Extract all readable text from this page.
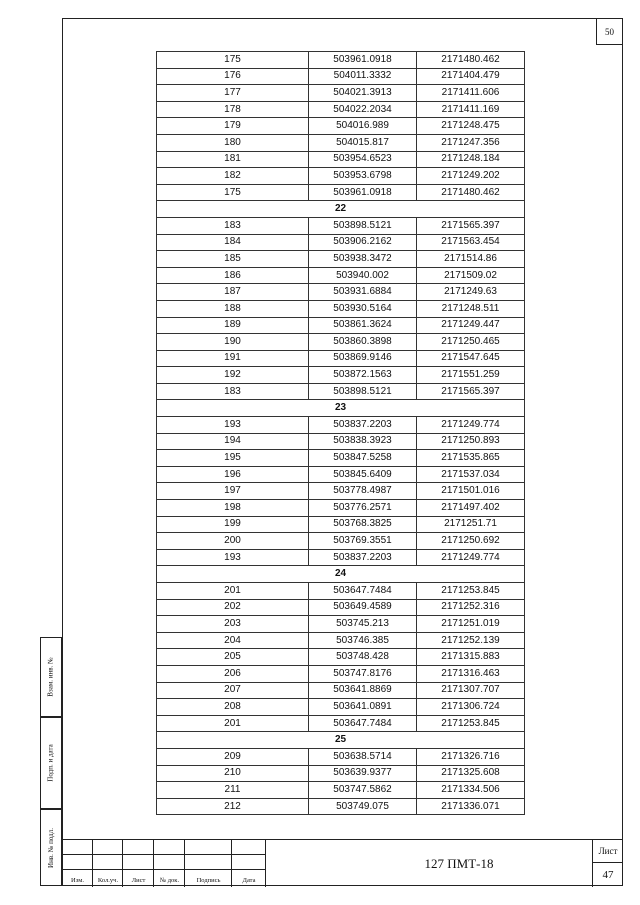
50
175	503961.0918	2171480.462
176	504011.3332	2171404.479
177	504021.3913	2171411.606
178	504022.2034	2171411.169
179	504016.989	2171248.475
180	504015.817	2171247.356
181	503954.6523	2171248.184
182	503953.6798	2171249.202
175	503961.0918	2171480.462
22		
183	503898.5121	2171565.397
184	503906.2162	2171563.454
185	503938.3472	2171514.86
186	503940.002	2171509.02
187	503931.6884	2171249.63
188	503930.5164	2171248.511
189	503861.3624	2171249.447
190	503860.3898	2171250.465
191	503869.9146	2171547.645
192	503872.1563	2171551.259
183	503898.5121	2171565.397
23		
193	503837.2203	2171249.774
194	503838.3923	2171250.893
195	503847.5258	2171535.865
196	503845.6409	2171537.034
197	503778.4987	2171501.016
198	503776.2571	2171497.402
199	503768.3825	2171251.71
200	503769.3551	2171250.692
193	503837.2203	2171249.774
24		
201	503647.7484	2171253.845
202	503649.4589	2171252.316
203	503745.213	2171251.019
204	503746.385	2171252.139
205	503748.428	2171315.883
206	503747.8176	2171316.463
207	503641.8869	2171307.707
208	503641.0891	2171306.724
201	503647.7484	2171253.845
25		
209	503638.5714	2171326.716
210	503639.9377	2171325.608
211	503747.5862	2171334.506
212	503749.075	2171336.071
Взам. инв. №
Подп. и дата
Инв. № подл.
Изм.	Кол.уч.	Лист	№ док.	Подпись	Дата
127 ПМТ-18
Лист
47
